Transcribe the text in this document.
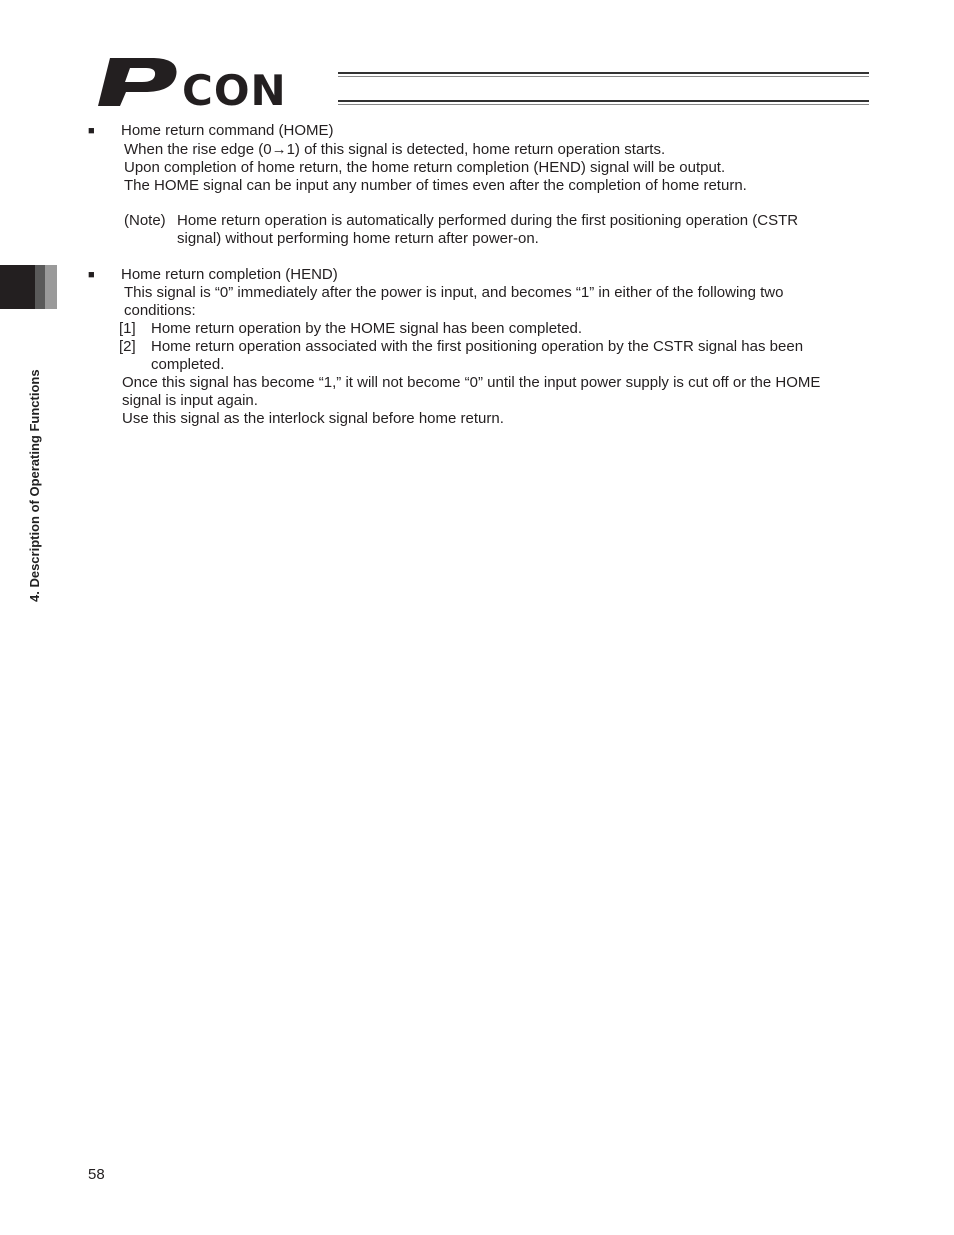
CON
4. Description of Operating Functions
■ Home return command (HOME)
When the rise edge (0→1) of this signal is detected, home return operation starts.
Upon completion of home return, the home return completion (HEND) signal will be output.
The HOME signal can be input any number of times even after the completion of home return.
(Note) Home return operation is automatically performed during the first positioning operation (CSTR
signal) without performing home return after power-on.
■ Home return completion (HEND)
This signal is “0” immediately after the power is input, and becomes “1” in either of the following two
conditions:
[1] Home return operation by the HOME signal has been completed.
[2] Home return operation associated with the first positioning operation by the CSTR signal has been
completed.
Once this signal has become “1,” it will not become “0” until the input power supply is cut off or the HOME
signal is input again.
Use this signal as the interlock signal before home return.
58
